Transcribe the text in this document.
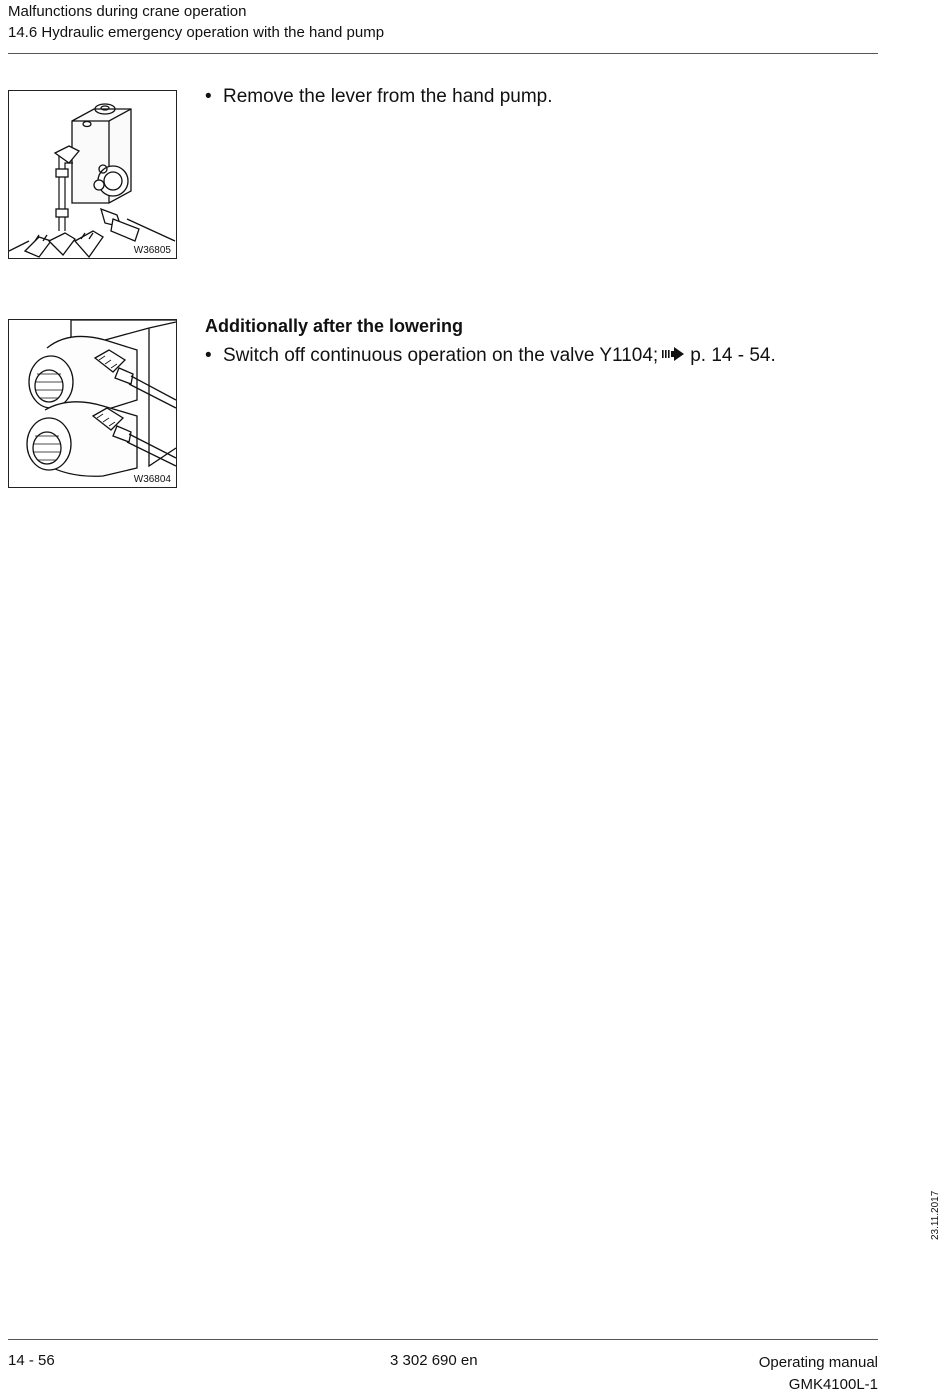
Malfunctions during crane operation
14.6 Hydraulic emergency operation with the hand pump
W36805
• Remove the lever from the hand pump.
W36804
Additionally after the lowering
• Switch off continuous operation on the valve Y1104; p. 14 - 54.
23.11.2017
14 - 56	3 302 690 en	Operating manual
GMK4100L-1
